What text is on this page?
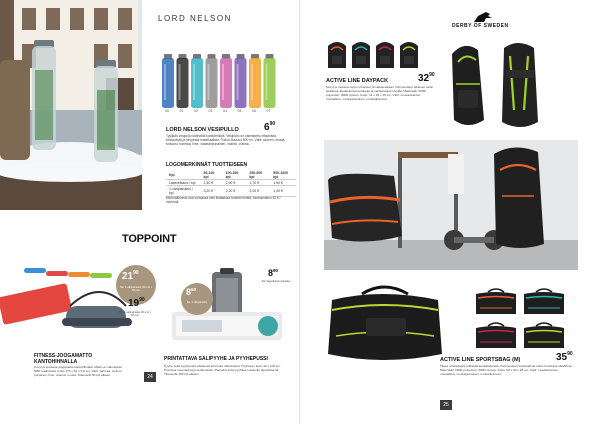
LORD NELSON
00	01	02	03	04	05	06	07
LORD NELSON VESIPULLO	$6^{90}$
Tyylikäs vesipullo kätevällä kantolenkillä. Vesipullo on valmistettu tritaanista, kestävästä ja kevyestä materiaalista. Pullon tilavuus 500 ml. Värit: sininen, musta, turkoosi, harmaa, lime, vaaleanpunainen, violetti, oranssi.
LOGOMERKINNÄT TUOTTEISEEN
Kpl	50-100 kpl	100-250 kpl	250-500 kpl	500-1000 kpl
Laseretsaus / kpl	2,40 €	1,90 €	1,70 €	1,50 €
1-väripainatus / kpl	3,20 €	2,20 €	2,00 €	1,40 €
Merkintähinnat ovat voimassa vain tilattaessa tuotteet meiltä. Aloitusmaksu 40 € / merkintä.
TOPPOINT
$21^{90}$
Sis. 1-väripainatus 30 mm x 60 mm
$19^{90}$
Sis. 1-väripainatus 30 mm x 60 mm
FITNESS-JOOGAMATTO KANTOHIHNALLA
Kevyt ja joustava joogamatto kantohihnalla. Matto on valmistettu NBR-vaahdosta. Koko 173 x 61 x 0,6 cm. Värit: harmaa, sininen, punainen, lime, oranssi, musta. Tilauserät 50 kpl alkaen.
$8^{50}$
Sis. 1-väripainatus
$8^{90}$
Sis. täysvärinen painatus
PRINTATTAVA SALIPYYHE JA PYYHEPUSSI
Pyyhe sekä pyyhepussi pikaisesti kuivuvaa mikrokuitua. Pyyhkeen koko 40 x 100 cm. Pussissa vetonauhat ja verkkotasku. Painatus koko pyyhkeen alueelle täysvärisenä. Tilauserät 100 kpl alkaen.
24
DERBY OF SWEDEN
ACTIVE LINE DAYPACK	$32^{90}$
Kevyt ja mukava reppu urheiluun ja vapaa-aikaan. Pehmustetut olkaimet sekä selkäosa. Etutaskussa vetoketju ja verkkotaskut sivuilla. Materiaali: 600D polyesteri, 300D ripstop. Koko: 31 x 46 x 15 cm. Värit: musta/oranssi, musta/lime, musta/punainen, musta/turkoosi.
ACTIVE LINE SPORTSBAG (M)	$35^{90}$
Tilava urheilukassi erillisellä kenkälokerolla. Pehmustetut kantokahvat sekä irrotettava olkahihna. Materiaali: 600D polyesteri, 300D ripstop. Koko: 50 x 30 x 28 cm. Värit: musta/oranssi, musta/lime, musta/punainen, musta/turkoosi.
25
